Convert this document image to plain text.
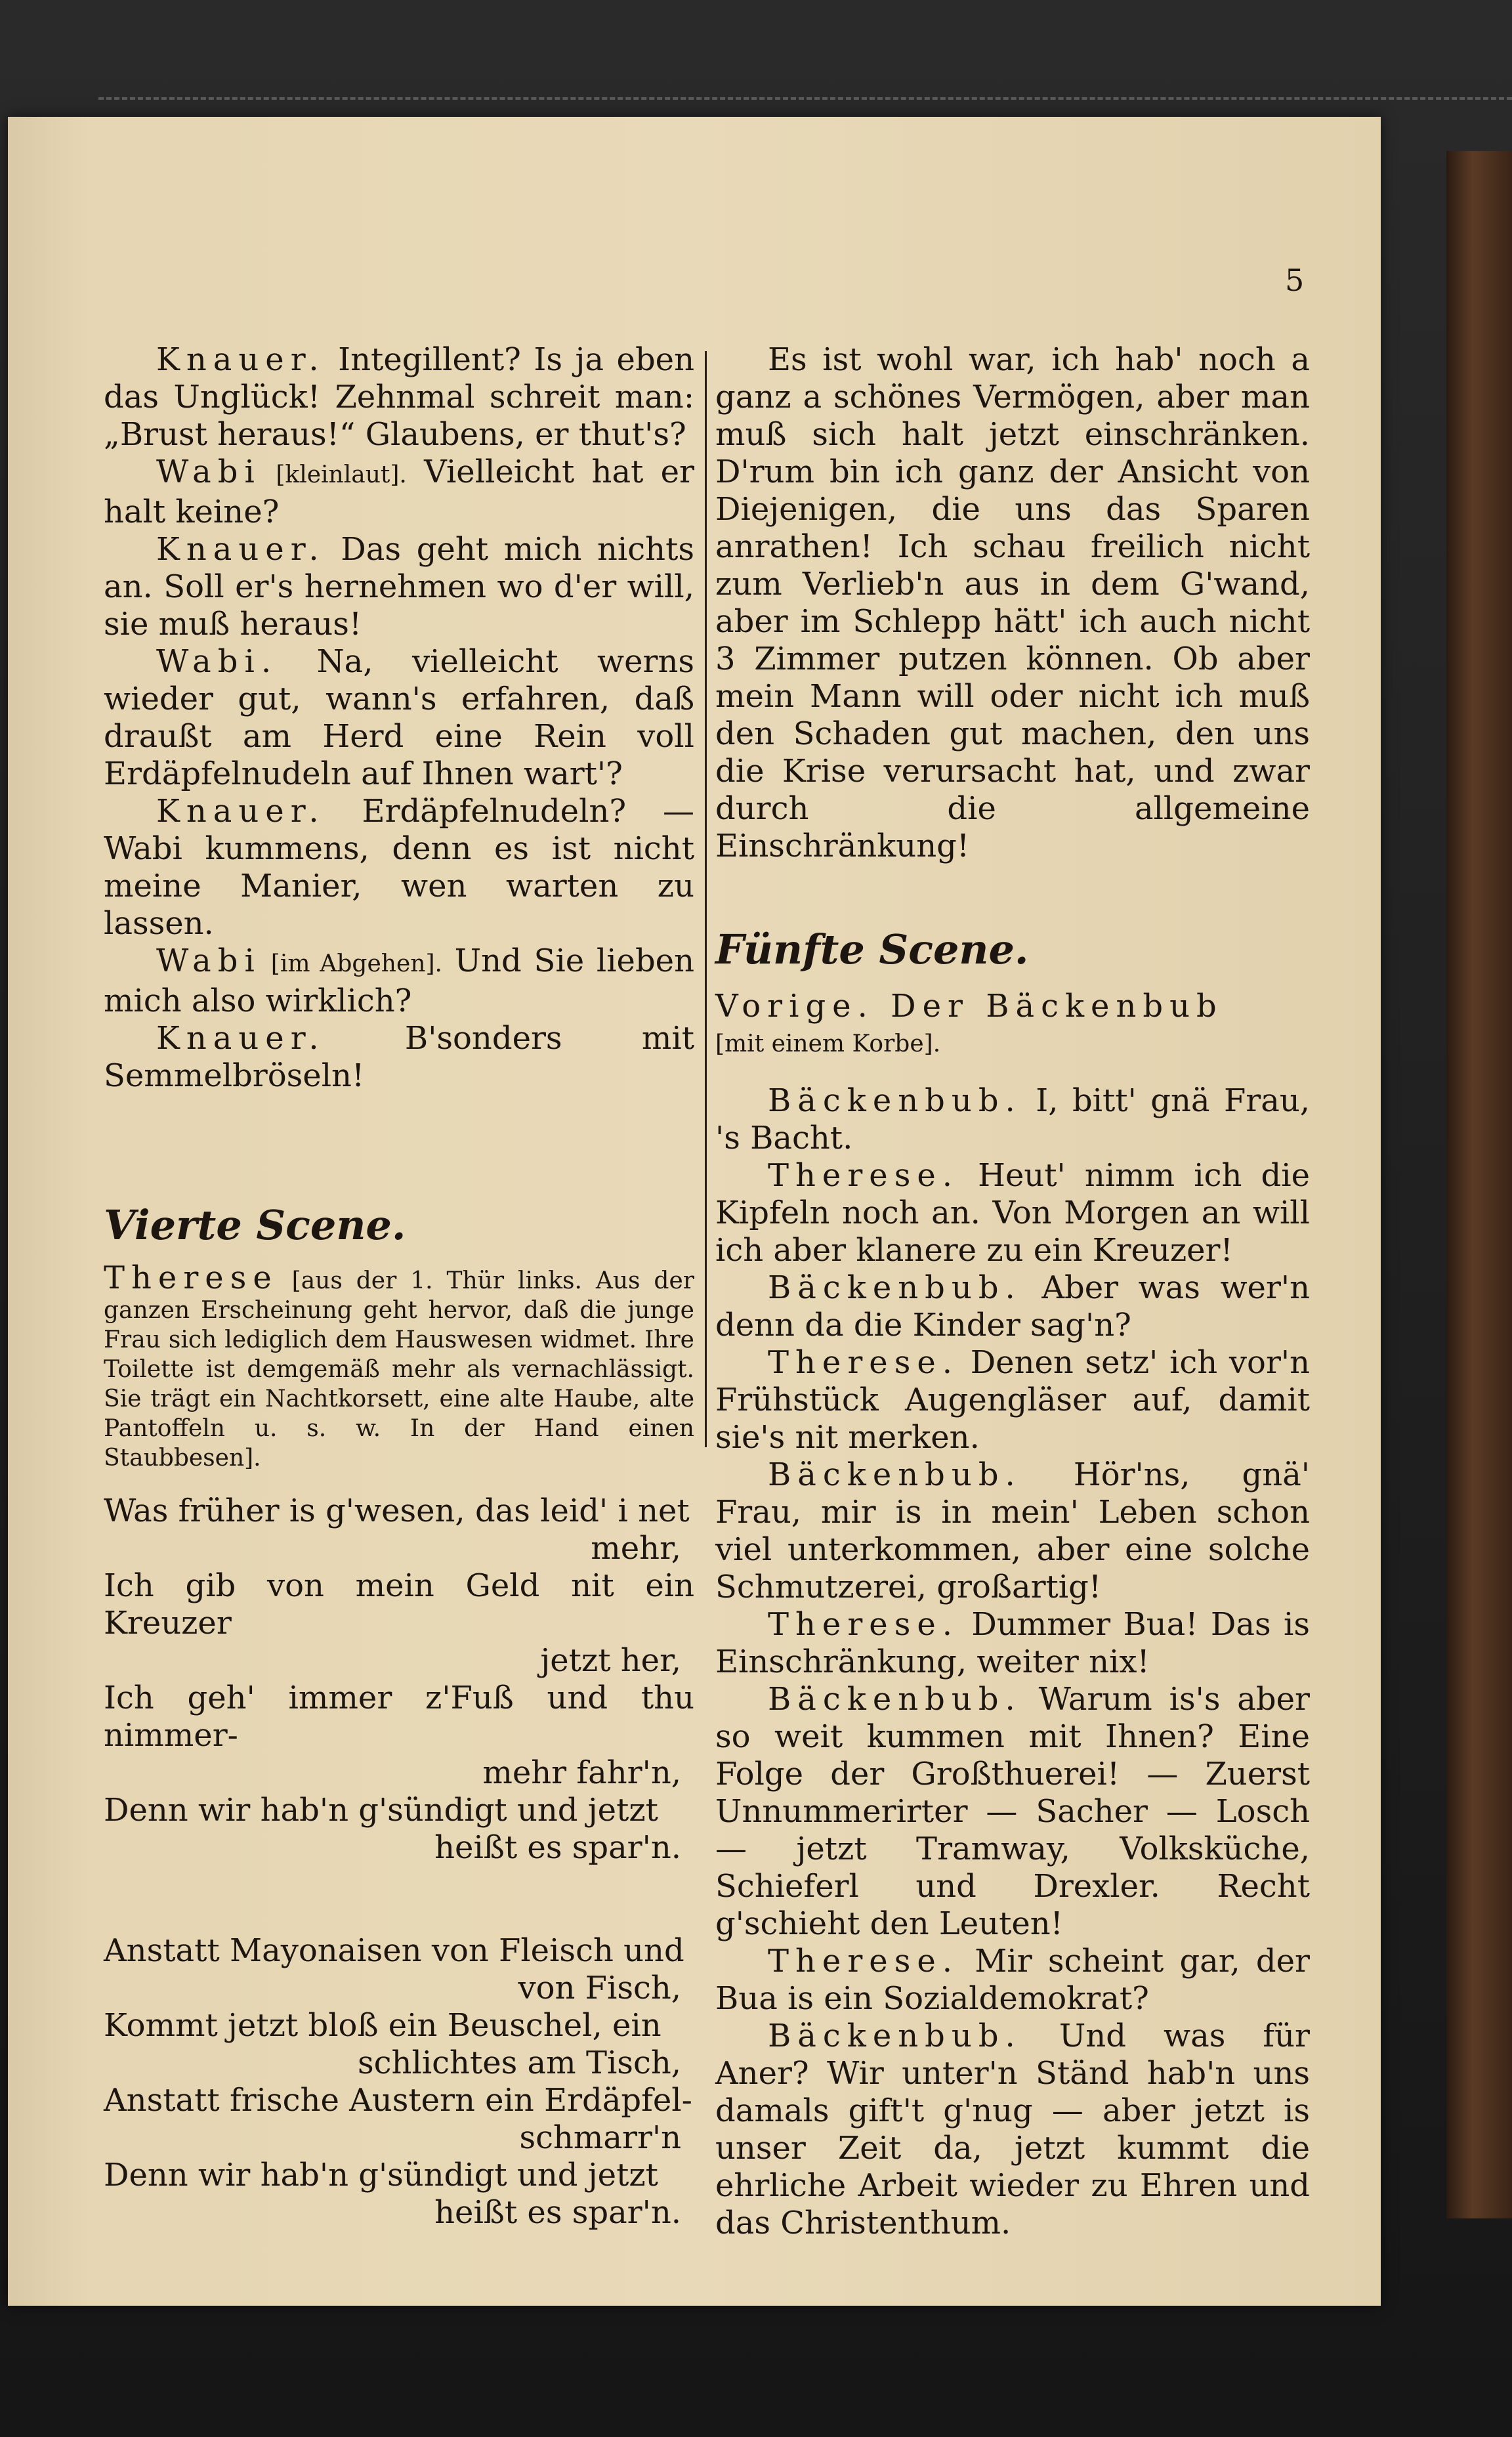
5

Knauer. Integillent? Is ja eben das Unglück! Zehnmal schreit man: „Brust heraus!“ Glaubens, er thut's?

Wabi [kleinlaut]. Vielleicht hat er halt keine?

Knauer. Das geht mich nichts an. Soll er's hernehmen wo d'er will, sie muß heraus!

Wabi. Na, vielleicht werns wieder gut, wann's erfahren, daß draußt am Herd eine Rein voll Erdäpfelnudeln auf Ihnen wart'?

Knauer. Erdäpfelnudeln? — Wabi kummens, denn es ist nicht meine Manier, wen warten zu lassen.

Wabi [im Abgehen]. Und Sie lieben mich also wirklich?

Knauer. B'sonders mit Semmelbröseln!

Vierte Scene.

Therese [aus der 1. Thür links. Aus der ganzen Erscheinung geht hervor, daß die junge Frau sich lediglich dem Hauswesen widmet. Ihre Toilette ist demgemäß mehr als vernachlässigt. Sie trägt ein Nachtkorsett, eine alte Haube, alte Pantoffeln u. s. w. In der Hand einen Staubbesen].

Was früher is g'wesen, das leid' i net

mehr,

Ich gib von mein Geld nit ein Kreuzer

jetzt her,

Ich geh' immer z'Fuß und thu nimmer-

mehr fahr'n,

Denn wir hab'n g'sündigt und jetzt

heißt es spar'n.

Anstatt Mayonaisen von Fleisch und

von Fisch,

Kommt jetzt bloß ein Beuschel, ein

schlichtes am Tisch,

Anstatt frische Austern ein Erdäpfel-

schmarr'n

Denn wir hab'n g'sündigt und jetzt

heißt es spar'n.

Es ist wohl war, ich hab' noch a ganz a schönes Vermögen, aber man muß sich halt jetzt einschränken. D'rum bin ich ganz der Ansicht von Diejenigen, die uns das Sparen anrathen! Ich schau freilich nicht zum Verlieb'n aus in dem G'wand, aber im Schlepp hätt' ich auch nicht 3 Zimmer putzen können. Ob aber mein Mann will oder nicht ich muß den Schaden gut machen, den uns die Krise verursacht hat, und zwar durch die allgemeine Einschränkung!

Fünfte Scene.

Vorige. Der Bäckenbub

[mit einem Korbe].

Bäckenbub. I, bitt' gnä Frau, 's Bacht.

Therese. Heut' nimm ich die Kipfeln noch an. Von Morgen an will ich aber klanere zu ein Kreuzer!

Bäckenbub. Aber was wer'n denn da die Kinder sag'n?

Therese. Denen setz' ich vor'n Frühstück Augengläser auf, damit sie's nit merken.

Bäckenbub. Hör'ns, gnä' Frau, mir is in mein' Leben schon viel unterkommen, aber eine solche Schmutzerei, großartig!

Therese. Dummer Bua! Das is Einschränkung, weiter nix!

Bäckenbub. Warum is's aber so weit kummen mit Ihnen? Eine Folge der Großthuerei! — Zuerst Unnummerirter — Sacher — Losch — jetzt Tramway, Volksküche, Schieferl und Drexler. Recht g'schieht den Leuten!

Therese. Mir scheint gar, der Bua is ein Sozialdemokrat?

Bäckenbub. Und was für Aner? Wir unter'n Ständ hab'n uns damals gift't g'nug — aber jetzt is unser Zeit da, jetzt kummt die ehrliche Arbeit wieder zu Ehren und das Christenthum.
